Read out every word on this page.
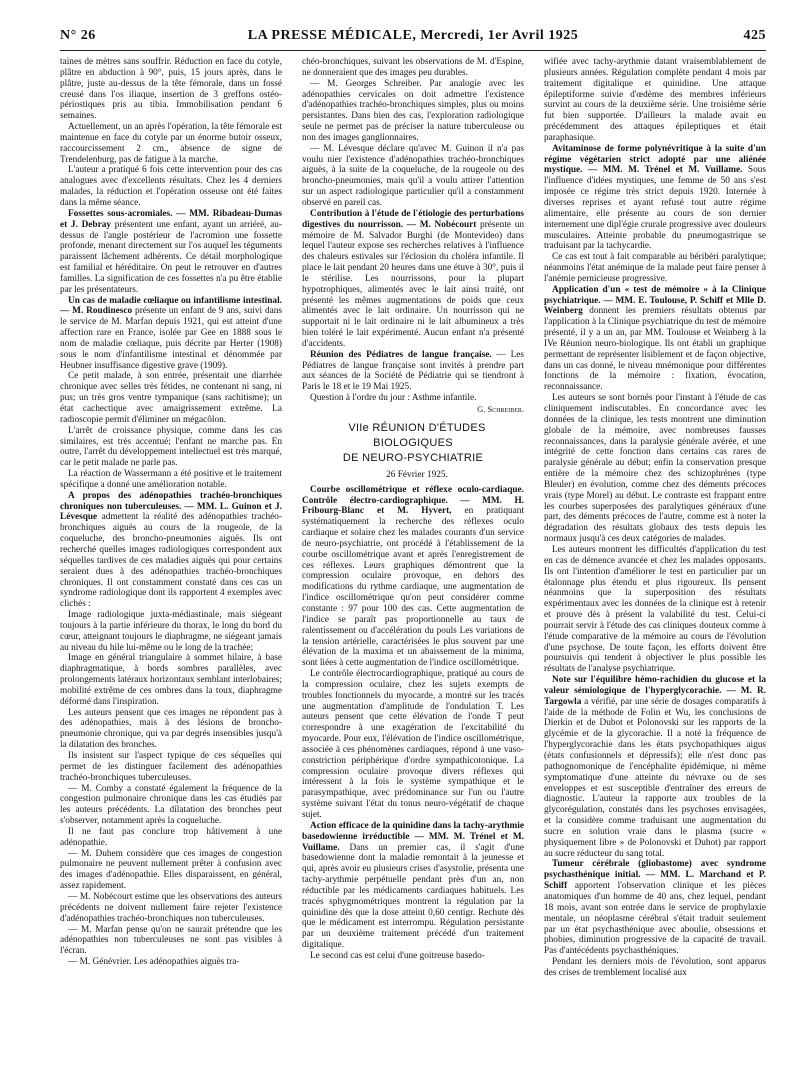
N° 26	LA PRESSE MÉDICALE, Mercredi, 1er Avril 1925	425

taines de mètres sans souffrir. Réduction en face du cotyle, plâtre en abduction à 90°, puis, 15 jours après, dans le plâtre, juste au-dessus de la tête fémorale, dans un fossé creusé dans l'os iliaque, insertion de 3 greffons ostéo-périostiques pris au tibia. Immobilisation pendant 6 semaines.

Actuellement, un an après l'opération, la tête fémorale est maintenue en face du cotyle par un énorme butoir osseux, raccourcissement 2 cm., absence de signe de Trendelenburg, pas de fatigue à la marche.

L'auteur a pratiqué 6 fois cette intervention pour des cas analogues avec d'excellents résultats. Chez les 4 derniers malades, la réduction et l'opération osseuse ont été faites dans la même séance.

Fossettes sous-acromiales. — MM. Ribadeau-Dumas et J. Debray présentent une enfant, ayant un arriéré, au-dessus de l'angle postérieur de l'acromion une fossette profonde, menant directement sur l'os auquel les téguments paraissent lâchement adhérents. Ce détail morphologique est familial et héréditaire. On peut le retrouver en d'autres familles. La signification de ces fossettes n'a pu être établie par les présentateurs.

Un cas de maladie cœliaque ou infantilisme intestinal. — M. Roudinesco présente un enfant de 9 ans, suivi dans le service de M. Marfan depuis 1921, qui est atteint d'une affection rare en France, isolée par Gee en 1888 sous le nom de maladie cœliaque, puis décrite par Herter (1908) sous le nom d'infantilisme intestinal et dénommée par Heubner insuffisance digestive grave (1909).

Ce petit malade, à son entrée, présentait une diarrhée chronique avec selles très fétides, ne contenant ni sang, ni pus; un très gros ventre tympanique (sans rachitisme); un état cachectique avec amaigrissement extrême. La radioscopie permit d'éliminer un mégacôlon.

L'arrêt de croissance physique, comme dans les cas similaires, est très accentué; l'enfant ne marche pas. En outre, l'arrêt du développement intellectuel est très marqué, car le petit malade ne parle pas.

La réaction de Wassermann a été positive et le traitement spécifique a donné une amélioration notable.

A propos des adénopathies trachéo-bronchiques chroniques non tuberculeuses. — MM. L. Guinon et J. Lévesque admettent la réalité des adénopathies trachéo-bronchiques aiguës au cours de la rougeole, de la coqueluche, des broncho-pneumonies aiguës. Ils ont recherché quelles images radiologiques correspondent aux séquelles tardives de ces maladies aiguës qui pour certains seraient dues à des adénopathies trachéo-bronchiques chroniques. Il ont constamment constaté dans ces cas un syndrome radiologique dont ils rapportent 4 exemples avec clichés :

Image radiologique juxta-médiastinale, mais siégeant toujours à la partie inférieure du thorax, le long du bord du cœur, atteignant toujours le diaphragme, ne siégeant jamais au niveau du hile lui-même ou le long de la trachée;

Image en général triangulaire à sommet hilaire, à base diaphragmatique, à bords sombres parallèles, avec prolongements latéraux horizontaux semblant interlobaires; mobilité extrême de ces ombres dans la toux, diaphragme déformé dans l'inspiration.

Les auteurs pensent que ces images ne répondent pas à des adénopathies, mais à des lésions de broncho-pneumonie chronique, qui va par degrés insensibles jusqu'à la dilatation des bronches.

Ils insistent sur l'aspect typique de ces séquelles qui permet de les distinguer facilement des adénopathies trachéo-bronchiques tuberculeuses.

— M. Comby a constaté également la fréquence de la congestion pulmonaire chronique dans les cas étudiés par les auteurs précédents. La dilatation des bronches peut s'observer, notamment après la coqueluche.

Il ne faut pas conclure trop hâtivement à une adénopathie.

— M. Duhem considère que ces images de congestion pulmonaire ne peuvent nullement prêter à confusion avec des images d'adénopathie. Elles disparaissent, en général, assez rapidement.

— M. Nobécourt estime que les observations des auteurs précédents ne doivent nullement faire rejeter l'existence d'adénopathies trachéo-bronchiques non tuberculeuses.

— M. Marfan pense qu'on ne saurait prétendre que les adénopathies non tuberculeuses ne sont pas visibles à l'écran.

— M. Génévrier. Les adénopathies aiguës tra-

chéo-bronchiques, suivant les observations de M. d'Espine, ne donneraient que des images peu durables.

— M. Georges Schreiber. Par analogie avec les adénopathies cervicales on doit admettre l'existence d'adénopathies trachéo-bronchiques simples, plus ou moins persistantes. Dans bien des cas, l'exploration radiologique seule ne permet pas de préciser la nature tuberculeuse ou non des images ganglionnaires.

— M. Lévesque déclare qu'avec M. Guinon il n'a pas voulu nier l'existence d'adénopathies trachéo-bronchiques aiguës, à la suite de la coqueluche, de la rougeole ou des broncho-pneumonies, mais qu'il a voulu attirer l'attention sur un aspect radiologique particulier qu'il a constamment observé en pareil cas.

Contribution à l'étude de l'étiologie des perturbations digestives du nourrisson. — M. Nobécourt présente un mémoire de M. Salvador Burghi (de Montevideo) dans lequel l'auteur expose ses recherches relatives à l'influence des chaleurs estivales sur l'éclosion du choléra infantile. Il place le lait pendant 20 heures dans une étuve à 30°, puis il le stérilise. Les nourrissons, pour la plupart hypotrophiques, alimentés avec le lait ainsi traité, ont présenté les mêmes augmentations de poids que ceux alimentés avec le lait ordinaire. Un nourrisson qui ne supportait ni le lait ordinaire ni le lait albumineux a très bien toléré le lait expérimenté. Aucun enfant n'a présenté d'accidents.

Réunion des Pédiatres de langue française. — Les Pédiatres de langue française sont invités à prendre part aux séances de la Société de Pédiatrie qui se tiendront à Paris le 18 et le 19 Mai 1925.

Question à l'ordre du jour : Asthme infantile.

G. Schreiber.

VIIe RÉUNION D'ÉTUDES BIOLOGIQUES
DE NEURO-PSYCHIATRIE

26 Février 1925.

Courbe oscillométrique et réflexe oculo-cardiaque. Contrôle électro-cardiographique. — MM. H. Fribourg-Blanc et M. Hyvert, en pratiquant systématiquement la recherche des réflexes oculo cardiaque et solaire chez les malades courants d'un service de neuro-psychiatrie, ont procédé à l'établissement de la courbe oscillométrique avant et après l'enregistrement de ces réflexes. Leurs graphiques démontrent que la compression oculaire provoque, en dehors des modifications du rythme cardiaque, une augmentation de l'indice oscillométrique qu'on peut considérer comme constante : 97 pour 100 des cas. Cette augmentation de l'indice se paraît pas proportionnelle au taux de ralentissement ou d'accélération du pouls Les variations de la tension artérielle, caractérisées le plus souvent par une élévation de la maxima et un abaissement de la minima, sont liées à cette augmentation de l'indice oscillométrique.

Le contrôle électrocardiographique, pratiqué au cours de la compression oculaire, chez les sujets exempts de troubles fonctionnels du myocarde, a montré sur les tracés une augmentation d'amplitude de l'ondulation T. Les auteurs pensent que cette élévation de l'onde T peut correspondre à une exagération de l'excitabilité du myocarde. Pour eux, l'élévation de l'indice oscillométrique, associée à ces phénomènes cardiaques, répond à une vaso-constriction périphérique d'ordre sympathicotonique. La compression oculaire provoque divers réflexes qui intéressent à la fois le système sympathique et le parasympathique, avec prédominance sur l'un ou l'autre système suivant l'état du tonus neuro-végétatif de chaque sujet.

Action efficace de la quinidine dans la tachy-arythmie basedowienne irréductible — MM. M. Trénel et M. Vuillame. Dans un premier cas, il s'agit d'une basedowienne dont la maladie remontait à la jeunesse et qui, après avoir eu plusieurs crises d'asystolie, présenta une tachy-arythmie perpétuelle pendant près d'un an, non réductible par les médicaments cardiaques habituels. Les tracés sphygmométriques montrent la régulation par la quinidine dès que la dose atteint 0,60 centigr. Rechute dès que le médicament est interrompu. Régulation persistante par un deuxième traitement précédé d'un traitement digitalique.

Le second cas est celui d'une goitreuse basedo-

wifiée avec tachy-arythmie datant vraisemblablement de plusieurs années. Régulation complète pendant 4 mois par traitement digitalique et quinidine. Une attaque épileptiforme suivie d'œdème des membres inférieurs survint au cours de la deuxième série. Une troisième série fut bien supportée. D'ailleurs la malade avait eu précédemment des attaques épileptiques et était paraphasique.

Avitaminose de forme polynévritique à la suite d'un régime végétarien strict adopté par une aliénée mystique. — MM. M. Trénel et M. Vuillame. Sous l'influence d'idées mystiques, une femme de 50 ans s'est imposée ce régime très strict depuis 1920. Internée à diverses reprises et ayant refusé tout autre régime alimentaire, elle présente au cours de son dernier internement une dipl'égie crurale progressive avec douleurs musculaires. Atteinte probable du pneumogastrique se traduisant par la tachycardie.

Ce cas est tout à fait comparable au béribéri paralytique; néanmoins l'état anémique de la malade peut faire penser à l'anémie pernicieuse progressive.

Application d'un « test de mémoire » à la Clinique psychiatrique. — MM. E. Toulouse, P. Schiff et Mlle D. Weinberg donnent les premiers résultats obtenus par l'application à la Clinique psychiatrique du test de mémoire présenté, il y a un an, par MM. Toulouse et Weinberg à la IVe Réunion neuro-biologique. Ils ont établi un graphique permettant de représenter lisiblement et de façon objective, dans un cas donné, le niveau mnémonique pour différentes fonctions de la mémoire : fixation, évocation, reconnaissance.

Les auteurs se sont bornés pour l'instant à l'étude de cas cliniquement indiscutables. En concordance avec les données de la clinique, les tests montrent une diminution globale de la mémoire, avec nombreuses fausses reconnaissances, dans la paralysie générale avérée, et une intégrité de cette fonction dans certains cas rares de paralysie générale au début; enfin la conservation presque entière de la mémoire chez des schizophrènes (type Bleuler) en évolution, comme chez des déments précoces vrais (type Morel) au début. Le contraste est frappant entre les courbes superposées des paralytiques généraux d'une part, des déments précoces de l'autre, comme est à noter la dégradation des résultats globaux des tests depuis les normaux jusqu'à ces deux catégories de malades.

Les auteurs montrent les difficultés d'application du test en cas de démence avancée et chez les malades opposants. Ils ont l'intention d'améliorer le test en particulier par un étalonnage plus étendu et plus rigoureux. Ils pensent néanmoins que la superposition des résultats expérimentaux avec les données de la clinique est à retenir et prouve dès à présent la valabilité du test. Celui-ci pourrait servir à l'étude des cas cliniques douteux comme à l'étude comparative de la mémoire au cours de l'évolution d'une psychose. De toute façon, les efforts doivent être poursuivis qui tendent à objectiver le plus possible les résultats de l'analyse psychiatrique.

Note sur l'équilibre hémo-rachidien du glucose et la valeur sémiologique de l'hyperglycorachie. — M. R. Targowla a vérifié, par une série de dosages comparatifs à l'aide de la méthode de Folin et Wu, les conclusions de Dierkin et de Dubot et Polonovski sur les rapports de la glycémie et de la glycorachie. Il a noté la fréquence de l'hyperglycorachie dans les états psychopathiques aigus (états confusionnels et dépressifs); elle n'est donc pas pathognomonique de l'encéphalite épidémique, ni même symptomatique d'une atteinte du névraxe ou de ses enveloppes et est susceptible d'entraîner des erreurs de diagnostic. L'auteur la rapporte aux troubles de la glycorégulation, constatés dans les psychoses envisagées, et la considère comme traduisant une augmentation du sucre en solution vraie dans le plasma (sucre « physiquement libre » de Polonovski et Duhot) par rapport au sucre réducteur du sang total.

Tumeur cérébrale (gliobastome) avec syndrome psychasthénique initial. — MM. L. Marchand et P. Schiff apportent l'observation clinique et les pièces anatomiques d'un homme de 40 ans, chez lequel, pendant 18 mois, avant son entrée dans le service de prophylaxie mentale, un néoplasme cérébral s'était traduit seulement par un état psychasthénique avec aboulie, obsessions et phobies, diminution progressive de la capacité de travail. Pas d'antécédents psychasthéniques.

Pendant les derniers mois de l'évolution, sont apparus des crises de tremblement localisé aux
